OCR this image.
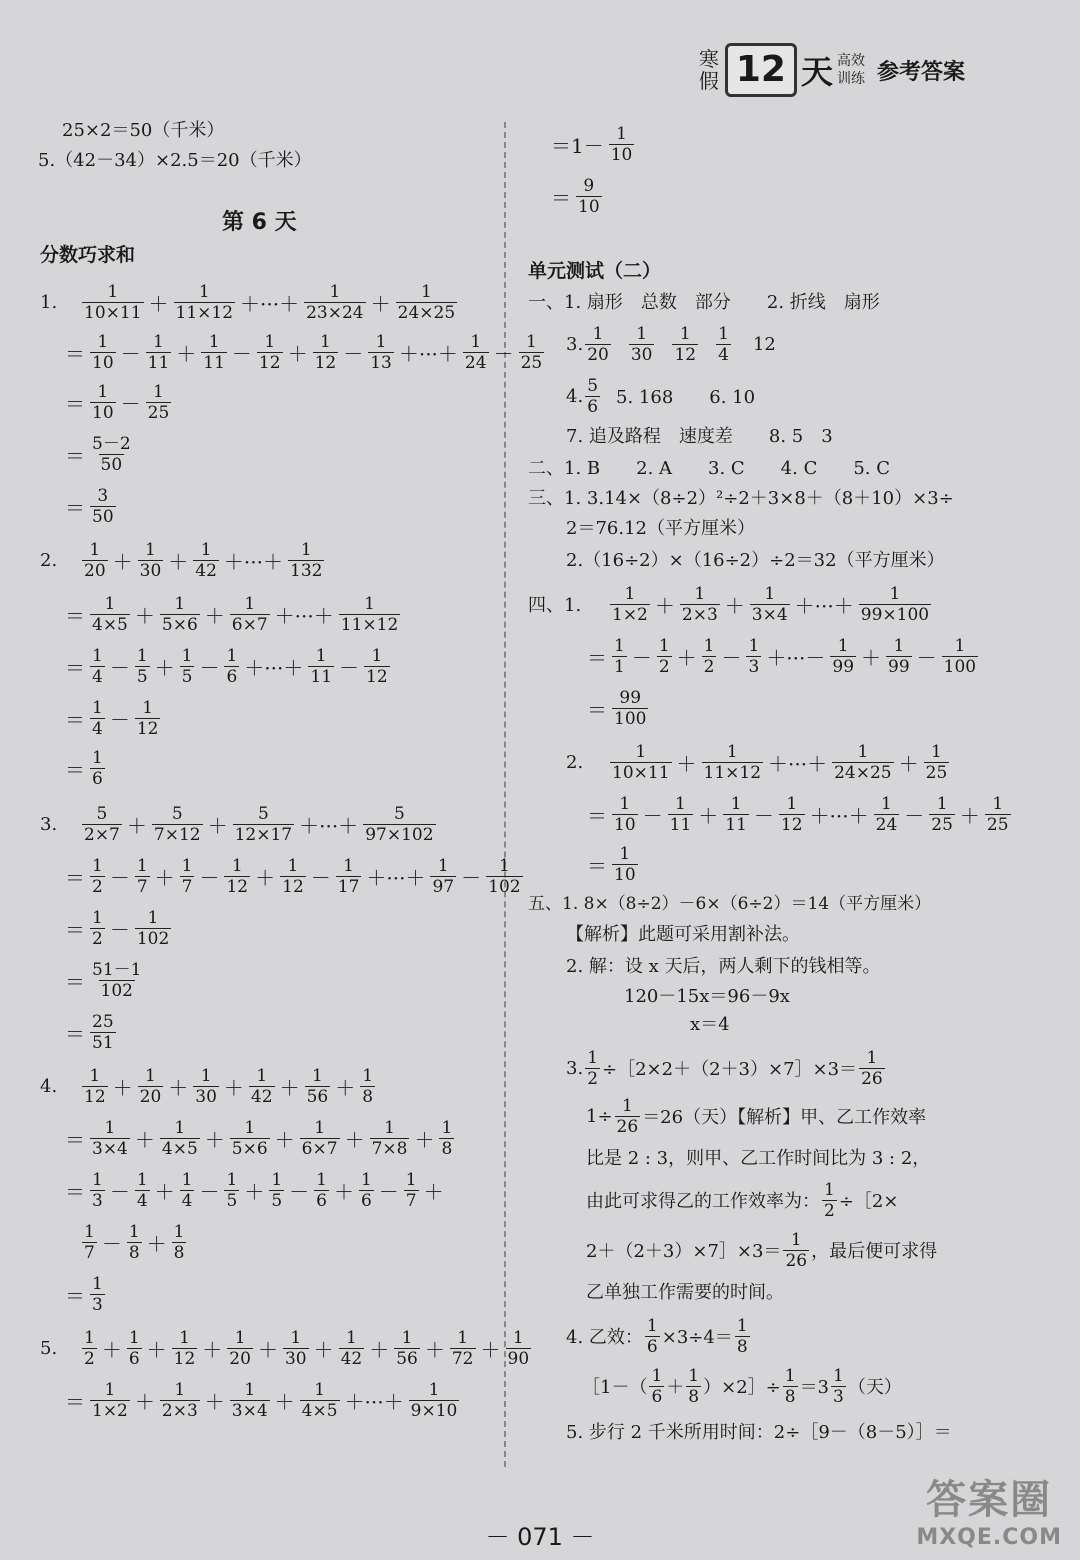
寒
假 12 天 高效
训练 参考答案
25×2＝50（千米）
5.（42－34）×2.5＝20（千米）
第 6 天
分数巧求和
1.	1
10×11 ＋ 1
11×12 ＋···＋ 1
23×24 ＋ 1
24×25
＝ 1
10 － 1
11 ＋ 1
11 － 1
12 ＋ 1
12 － 1
13 ＋···＋ 1
24 － 1
25
＝ 1
10 － 1
25
＝ 5－2
50
＝ 3
50
2.	1
20 ＋ 1
30 ＋ 1
42 ＋···＋ 1
132
＝ 1
4×5 ＋ 1
5×6 ＋ 1
6×7 ＋···＋ 1
11×12
＝ 1
4 － 1
5 ＋ 1
5 － 1
6 ＋···＋ 1
11 － 1
12
＝ 1
4 － 1
12
＝ 1
6
3.	5
2×7 ＋ 5
7×12 ＋ 5
12×17 ＋···＋ 5
97×102
＝ 1
2 － 1
7 ＋ 1
7 － 1
12 ＋ 1
12 － 1
17 ＋···＋ 1
97 － 1
102
＝ 1
2 － 1
102
＝ 51－1
102
＝ 25
51
4.	1
12 ＋ 1
20 ＋ 1
30 ＋ 1
42 ＋ 1
56 ＋ 1
8
＝ 1
3×4 ＋ 1
4×5 ＋ 1
5×6 ＋ 1
6×7 ＋ 1
7×8 ＋ 1
8
＝ 1
3 － 1
4 ＋ 1
4 － 1
5 ＋ 1
5 － 1
6 ＋ 1
6 － 1
7 ＋
1
7 － 1
8 ＋ 1
8
＝ 1
3
5.	1
2 ＋ 1
6 ＋ 1
12 ＋ 1
20 ＋ 1
30 ＋ 1
42 ＋ 1
56 ＋ 1
72 ＋ 1
90
＝ 1
1×2 ＋ 1
2×3 ＋ 1
3×4 ＋ 1
4×5 ＋···＋ 1
9×10
＝1－ 1
10
＝ 9
10
单元测试（二）
一、1. 扇形　总数　部分　　2. 折线　扇形
3. 1
20
1
30
1
12
1
4 12
4. 5
6 5. 168　　6. 10
7. 追及路程　速度差　　8. 5　3
二、1. B　　2. A　　3. C　　4. C　　5. C
三、1. 3.14×（8÷2）²÷2＋3×8＋（8＋10）×3÷
2＝76.12（平方厘米）
2.（16÷2）×（16÷2）÷2＝32（平方厘米）
四、1.
1
1×2 ＋ 1
2×3 ＋ 1
3×4 ＋···＋ 1
99×100
＝ 1
1 － 1
2 ＋ 1
2 － 1
3 ＋···－ 1
99 ＋ 1
99 － 1
100
＝ 99
100
2.	1
10×11 ＋ 1
11×12 ＋···＋ 1
24×25 ＋ 1
25
＝ 1
10 － 1
11 ＋ 1
11 － 1
12 ＋···＋ 1
24 － 1
25 ＋ 1
25
＝ 1
10
五、1. 8×（8÷2）－6×（6÷2）＝14（平方厘米）
【解析】此题可采用割补法。
2. 解：设 x 天后，两人剩下的钱相等。
120－15x＝96－9x
x＝4
3. $\frac{1}{2}$ ÷［2×2＋（2＋3）×7］×3＝
1
26
$1\div \frac{1}{26} =26$（天）【解析】甲、乙工作效率
比是 2 : 3，则甲、乙工作时间比为 3 : 2，
由此可求得乙的工作效率为： $\frac{1}{2}$ ÷［2×
2＋（2＋3）×7］×3＝
1
26 ，最后便可求得
乙单独工作需要的时间。
4. 乙效： $\frac{1}{6} \times 3\div 4=$
1
8
［1－（
1
6 ＋
1
8 ）×2］÷ $\frac{1}{8} =3$
1
3 （天）
5. 步行 2 千米所用时间：2÷［9－（8－5）］＝
－ 071 －
答案圈
MXQE.COM
